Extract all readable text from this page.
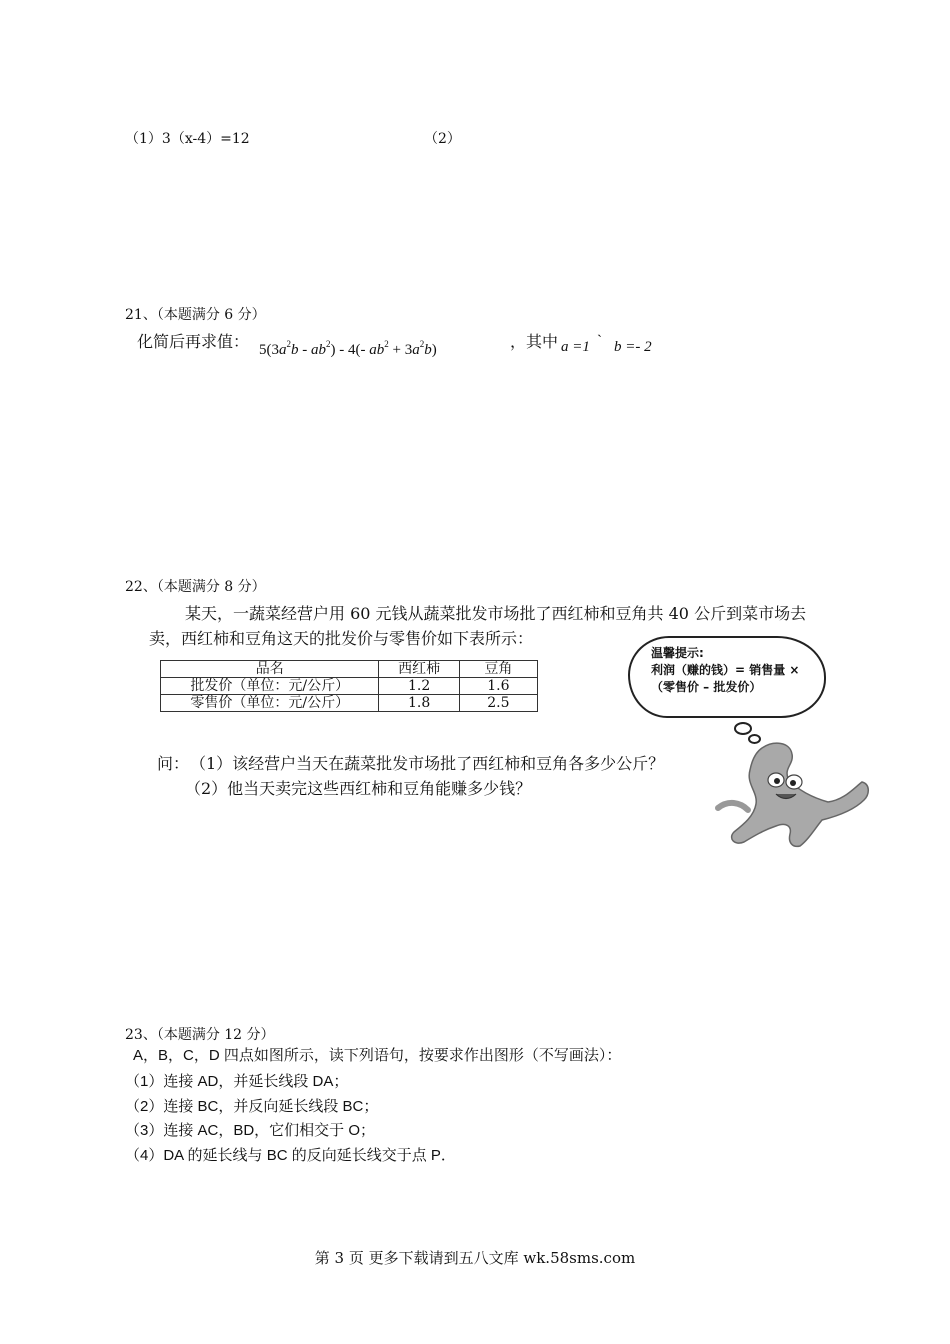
（1）3（x-4）=12	（2）
21、（本题满分 6 分）
化简后再求值： $5(3a^2b - ab^2) - 4(-$ $ab^2 + 3a^2b$)	，其中 a =1 ` b =- 2
22、（本题满分 8 分）
某天，一蔬菜经营户用 60 元钱从蔬菜批发市场批了西红柿和豆角共 40 公斤到菜市场去
卖，西红柿和豆角这天的批发价与零售价如下表所示：
品名	西红柿	豆角
批发价（单位：元/公斤）	1.2	1.6
零售价（单位：元/公斤）	1.8	2.5
温馨提示:
利润（赚的钱）= 销售量 ×（零售价 – 批发价）
问： （1）该经营户当天在蔬菜批发市场批了西红柿和豆角各多少公斤？
（2）他当天卖完这些西红柿和豆角能赚多少钱？
23、（本题满分 12 分）
A，B，C，D 四点如图所示，读下列语句，按要求作出图形（不写画法）：
（1）连接 AD，并延长线段 DA；
（2）连接 BC，并反向延长线段 BC；
（3）连接 AC，BD，它们相交于 O；
（4）DA 的延长线与 BC 的反向延长线交于点 P．
第 3 页 更多下载请到五八文库 wk.58sms.com
